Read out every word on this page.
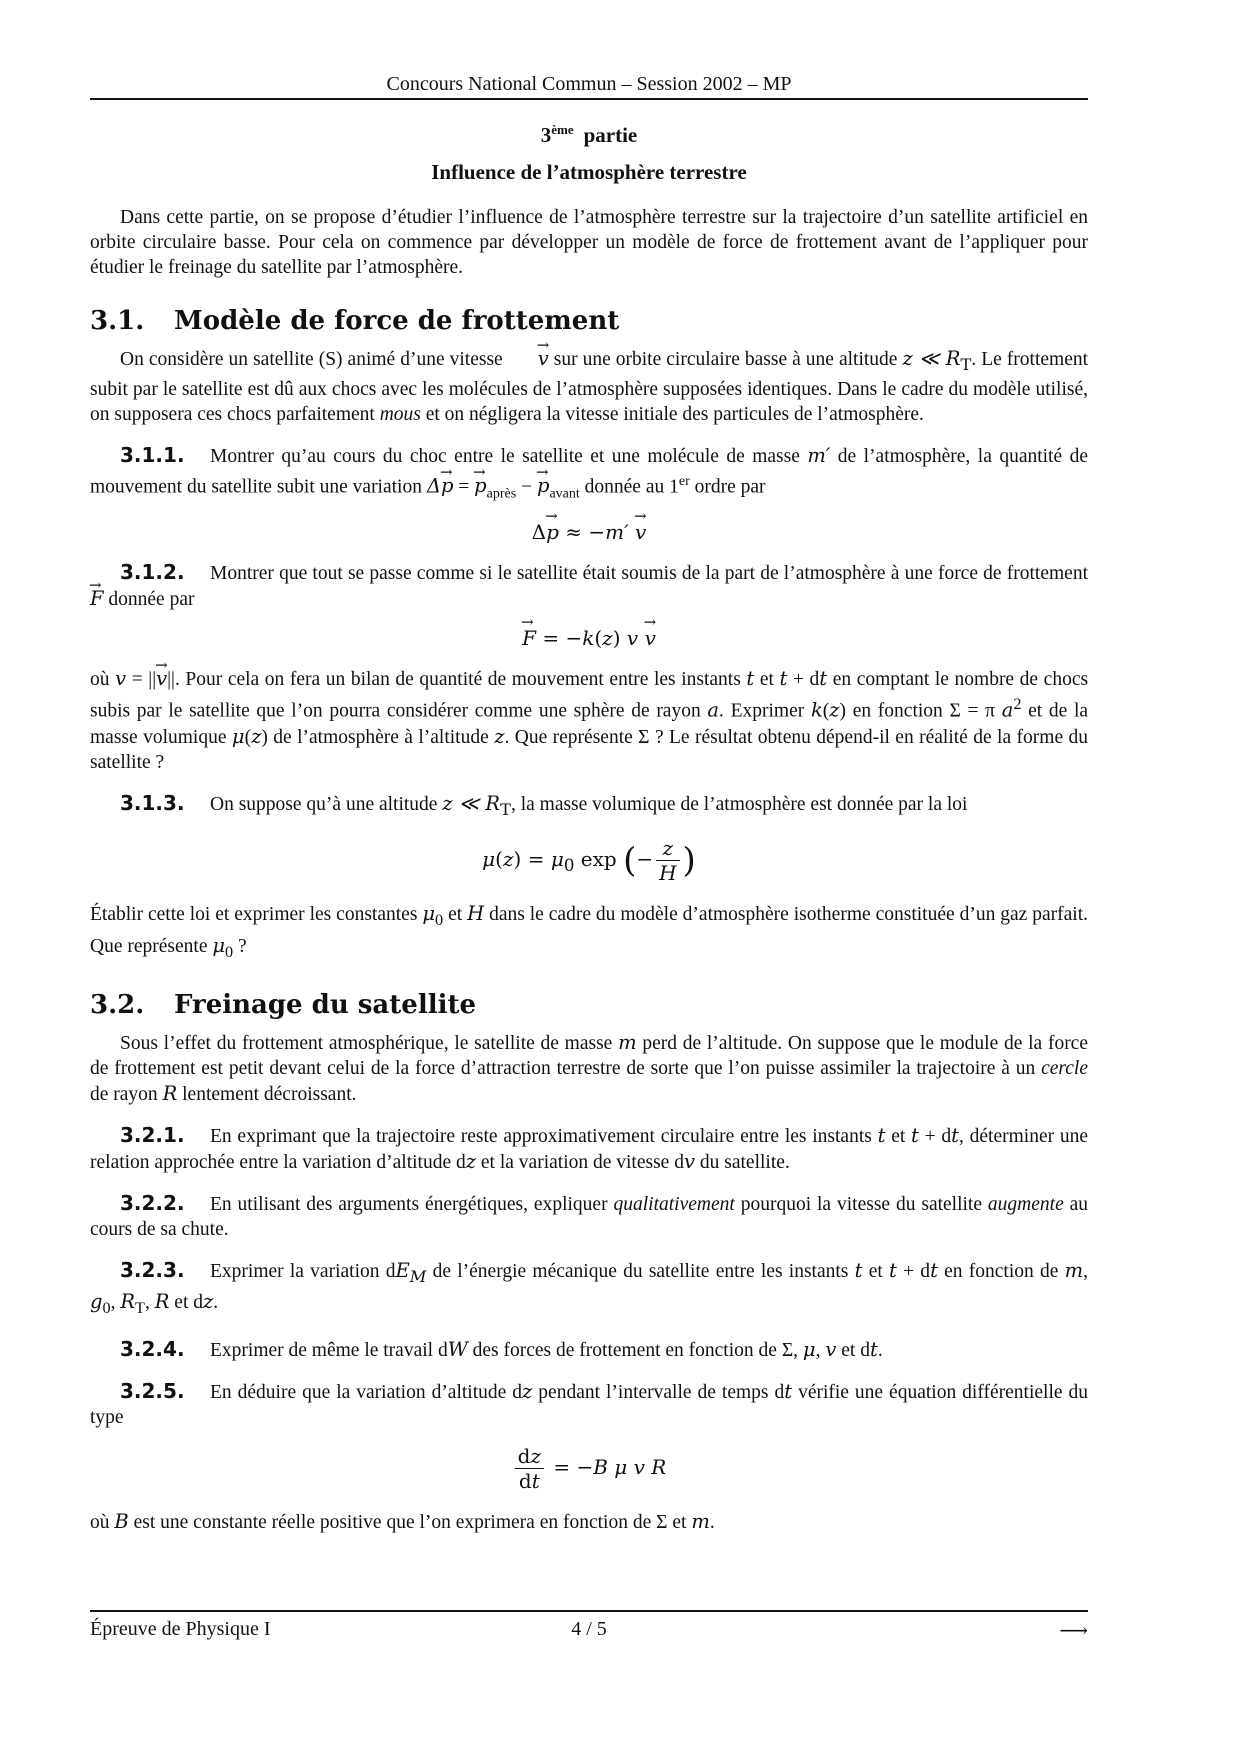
Concours National Commun – Session 2002 – MP
3ème partie
Influence de l’atmosphère terrestre

Dans cette partie, on se propose d’étudier l’influence de l’atmosphère terrestre sur la trajectoire d’un satellite artificiel en orbite circulaire basse. Pour cela on commence par développer un modèle de force de frottement avant de l’appliquer pour étudier le freinage du satellite par l’atmosphère.

3.1. Modèle de force de frottement

On considère un satellite (S) animé d’une vitesse → v sur une orbite circulaire basse à une altitude z ≪ $R_T$. Le frottement subit par le satellite est dû aux chocs avec les molécules de l’atmosphère supposées identiques. Dans le cadre du modèle utilisé, on supposera ces chocs parfaitement mous et on négligera la vitesse initiale des particules de l’atmosphère.

3.1.1. Montrer qu’au cours du choc entre le satellite et une molécule de masse m′ de l’atmosphère, la quantité de mouvement du satellite subit une variation Δ→ p = → $p_{après}$ − → $p_{avant}$ donnée au 1er ordre par

Δ→ p ≈ −m′ → v

3.1.2. Montrer que tout se passe comme si le satellite était soumis de la part de l’atmosphère à une force de frottement → F donnée par

→ F = −k(z) v → v

où v = ||→ v||. Pour cela on fera un bilan de quantité de mouvement entre les instants t et t + dt en comptant le nombre de chocs subis par le satellite que l’on pourra considérer comme une sphère de rayon a. Exprimer k(z) en fonction Σ = π $a^2$ et de la masse volumique μ(z) de l’atmosphère à l’altitude z. Que représente Σ ? Le résultat obtenu dépend-il en réalité de la forme du satellite ?

3.1.3. On suppose qu’à une altitude z ≪ $R_T$, la masse volumique de l’atmosphère est donnée par la loi

$\mu(z) = \mu_0$ exp (− $\frac{z}{H}$ )

Établir cette loi et exprimer les constantes $\mu_0$ et H dans le cadre du modèle d’atmosphère isotherme constituée d’un gaz parfait. Que représente $\mu_0$ ?

3.2. Freinage du satellite

Sous l’effet du frottement atmosphérique, le satellite de masse m perd de l’altitude. On suppose que le module de la force de frottement est petit devant celui de la force d’attraction terrestre de sorte que l’on puisse assimiler la trajectoire à un cercle de rayon R lentement décroissant.

3.2.1. En exprimant que la trajectoire reste approximativement circulaire entre les instants t et t + dt, déterminer une relation approchée entre la variation d’altitude dz et la variation de vitesse dv du satellite.

3.2.2. En utilisant des arguments énergétiques, expliquer qualitativement pourquoi la vitesse du satellite augmente au cours de sa chute.

3.2.3. Exprimer la variation $dE_M$ de l’énergie mécanique du satellite entre les instants t et t + dt en fonction de m, $g_0$, $R_T$, R et dz.

3.2.4. Exprimer de même le travail dW des forces de frottement en fonction de Σ, μ, v et dt.

3.2.5. En déduire que la variation d’altitude dz pendant l’intervalle de temps dt vérifie une équation différentielle du type

$\frac{dz}{dt} = -B$ μ v R

où B est une constante réelle positive que l’on exprimera en fonction de Σ et m.

Épreuve de Physique I	4 / 5	⟶
